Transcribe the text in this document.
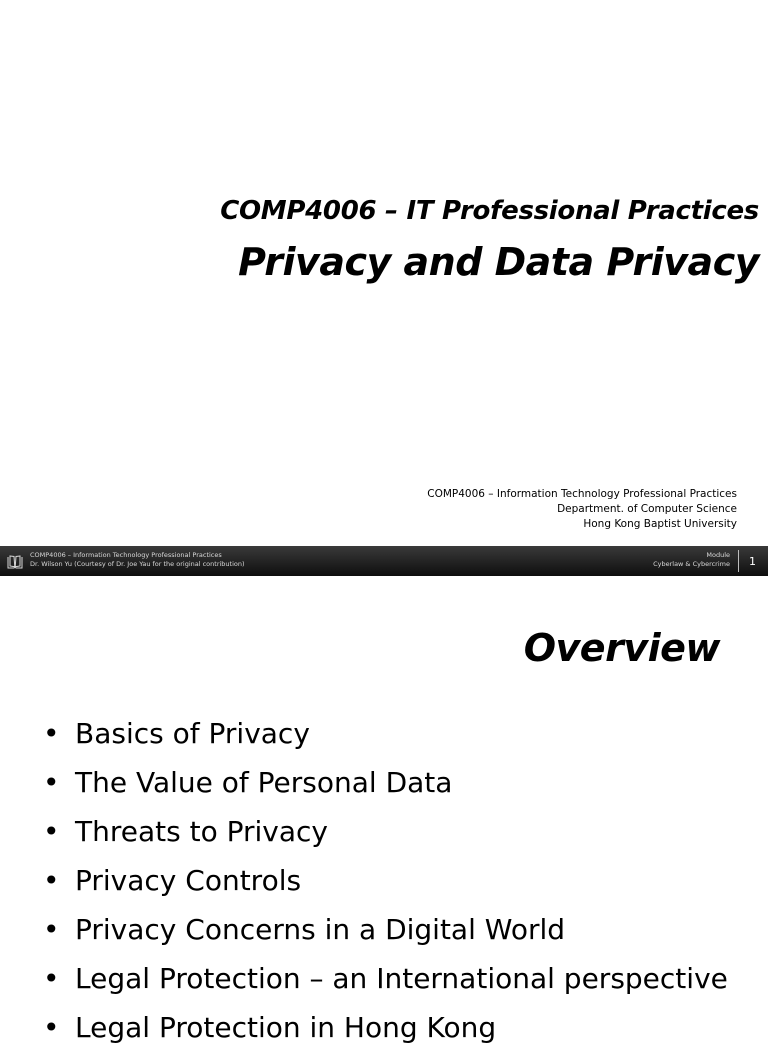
COMP4006 – IT Professional Practices
Privacy and Data Privacy
COMP4006 – Information Technology Professional Practices
Department. of Computer Science
Hong Kong Baptist University
COMP4006 – Information Technology Professional Practices
Dr. Wilson Yu (Courtesy of Dr. Joe Yau for the original contribution)
Module
Cyberlaw & Cybercrime 1
Overview
• Basics of Privacy
• The Value of Personal Data
• Threats to Privacy
• Privacy Controls
• Privacy Concerns in a Digital World
• Legal Protection – an International perspective
• Legal Protection in Hong Kong
